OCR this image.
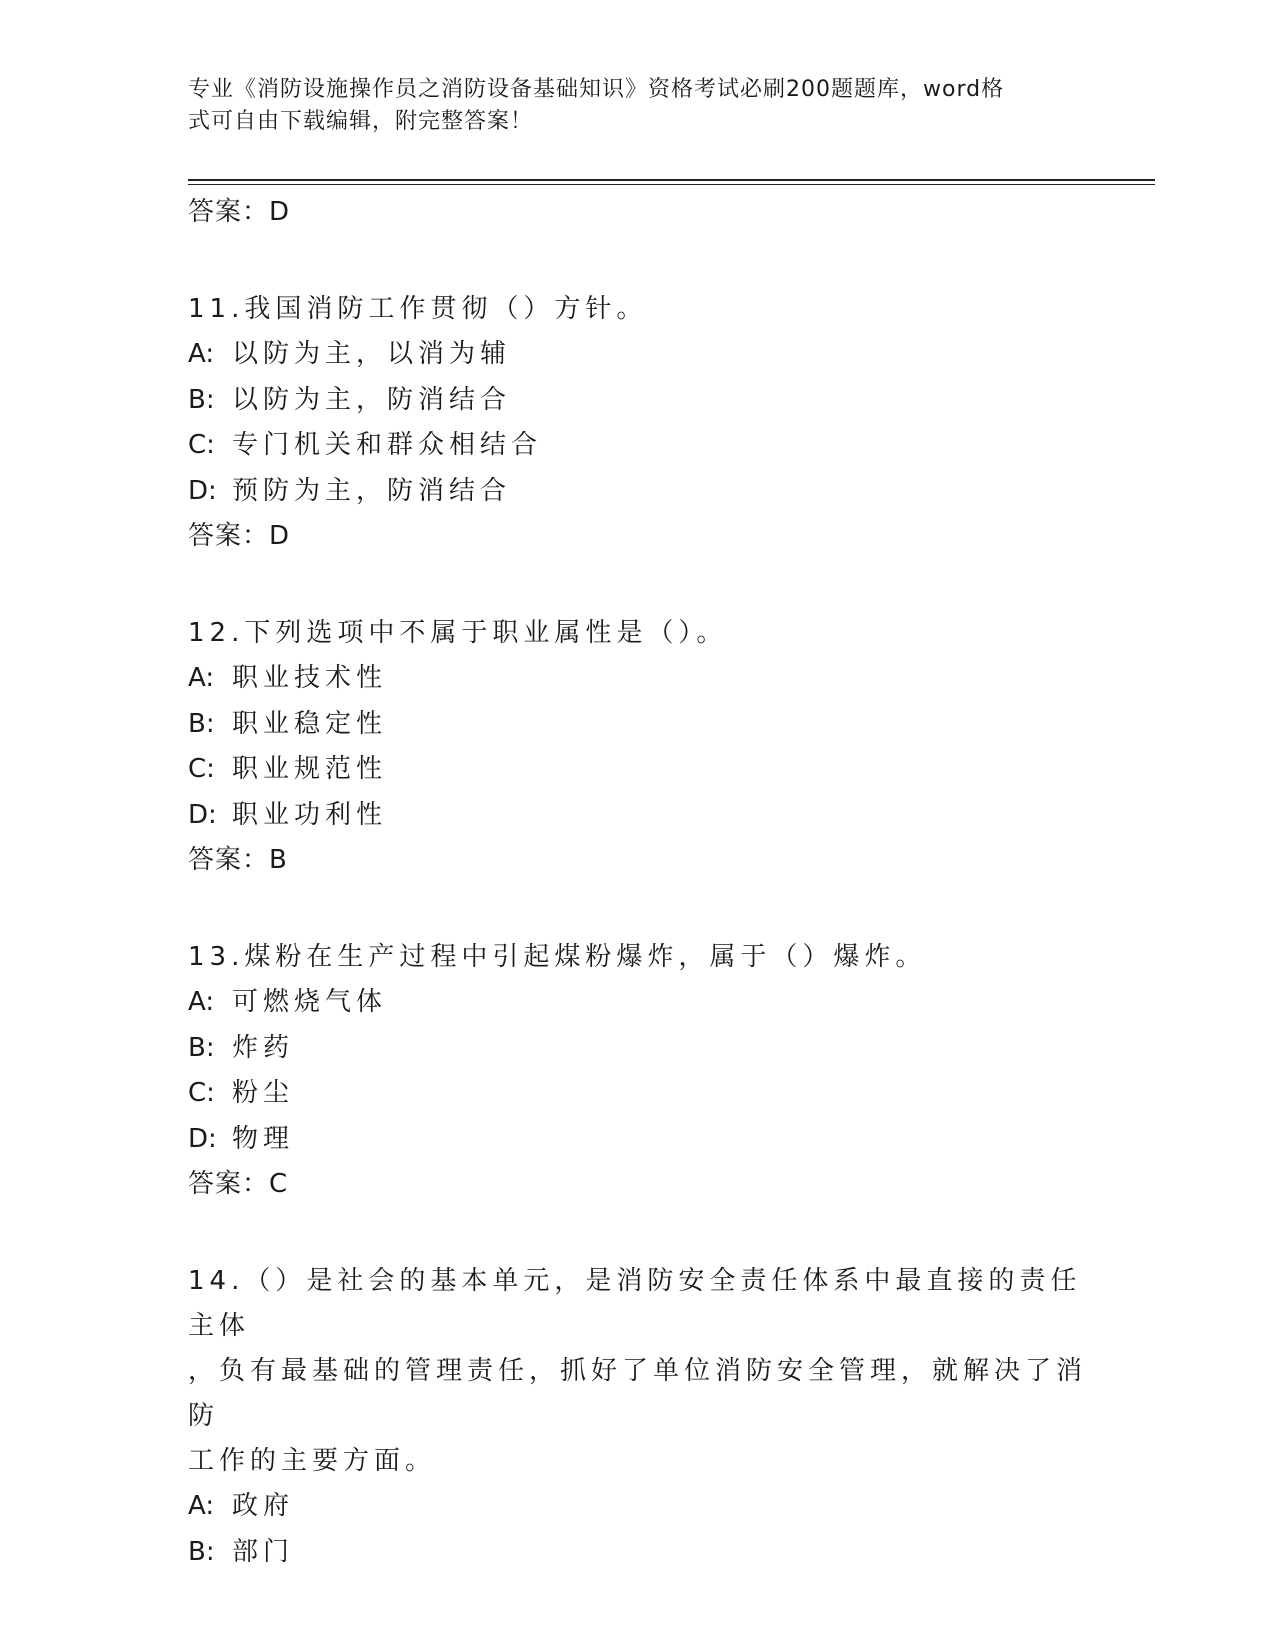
专业《消防设施操作员之消防设备基础知识》资格考试必刷200题题库，word格
式可自由下载编辑，附完整答案！
答案：D
11.我国消防工作贯彻（）方针。
A: 以防为主，以消为辅
B: 以防为主，防消结合
C: 专门机关和群众相结合
D: 预防为主，防消结合
答案：D
12.下列选项中不属于职业属性是（）。
A: 职业技术性
B: 职业稳定性
C: 职业规范性
D: 职业功利性
答案：B
13.煤粉在生产过程中引起煤粉爆炸，属于（）爆炸。
A: 可燃烧气体
B: 炸药
C: 粉尘
D: 物理
答案：C
14.（）是社会的基本单元，是消防安全责任体系中最直接的责任主体
，负有最基础的管理责任，抓好了单位消防安全管理，就解决了消防
工作的主要方面。
A: 政府
B: 部门
